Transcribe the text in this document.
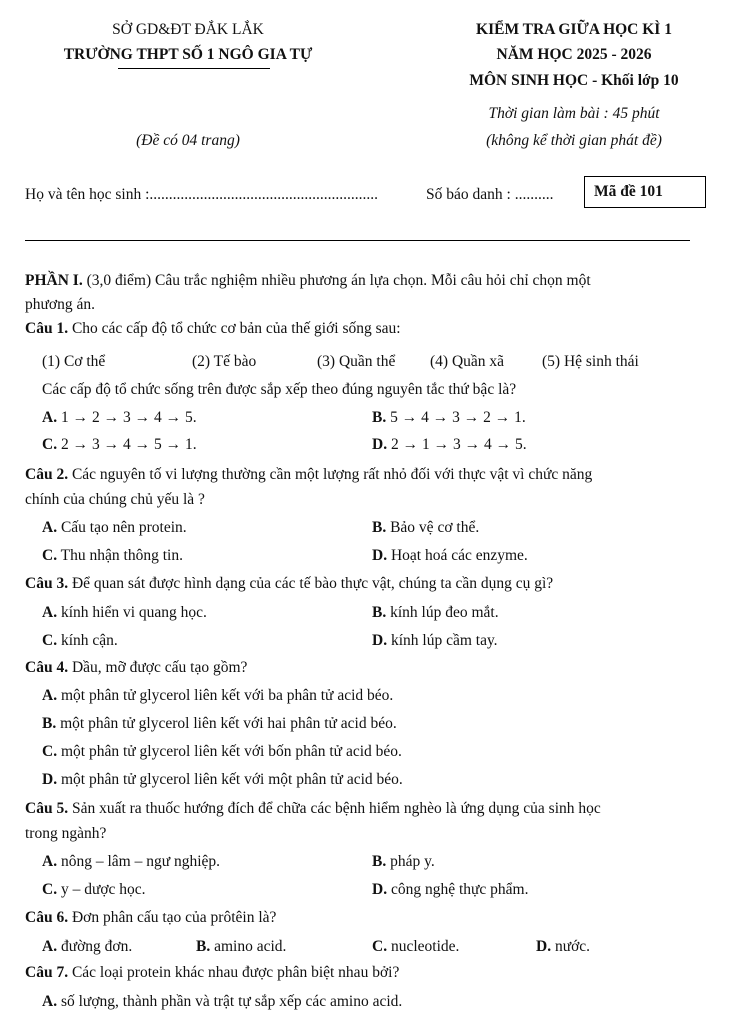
SỞ GD&ĐT ĐẮK LẮK
TRƯỜNG THPT SỐ 1 NGÔ GIA TỰ
(Đề có 04 trang)
KIỂM TRA GIỮA HỌC KÌ 1
NĂM HỌC 2025 - 2026
MÔN SINH HỌC - Khối lớp 10
Thời gian làm bài : 45 phút
(không kể thời gian phát đề)
Họ và tên học sinh :...........................................................	Số báo danh : ..........	Mã đề 101
PHẦN I. (3,0 điểm) Câu trắc nghiệm nhiều phương án lựa chọn. Mỗi câu hỏi chỉ chọn một
phương án.
Câu 1. Cho các cấp độ tổ chức cơ bản của thế giới sống sau:
(1) Cơ thể	(2) Tế bào	(3) Quần thể (4) Quần xã (5) Hệ sinh thái
Các cấp độ tổ chức sống trên được sắp xếp theo đúng nguyên tắc thứ bậc là?
A. 1 → 2 → 3 → 4 → 5.	B. 5 → 4 → 3 → 2 → 1.
C. 2 → 3 → 4 → 5 → 1.	D. 2 → 1 → 3 → 4 → 5.
Câu 2. Các nguyên tố vi lượng thường cần một lượng rất nhỏ đối với thực vật vì chức năng
chính của chúng chủ yếu là ?
A. Cấu tạo nên protein.	B. Bảo vệ cơ thể.
C. Thu nhận thông tin.	D. Hoạt hoá các enzyme.
Câu 3. Để quan sát được hình dạng của các tế bào thực vật, chúng ta cần dụng cụ gì?
A. kính hiển vi quang học.	B. kính lúp đeo mắt.
C. kính cận.	D. kính lúp cầm tay.
Câu 4. Dầu, mỡ được cấu tạo gồm?
A. một phân tử glycerol liên kết với ba phân tử acid béo.
B. một phân tử glycerol liên kết với hai phân tử acid béo.
C. một phân tử glycerol liên kết với bốn phân tử acid béo.
D. một phân tử glycerol liên kết với một phân tử acid béo.
Câu 5. Sản xuất ra thuốc hướng đích để chữa các bệnh hiểm nghèo là ứng dụng của sinh học
trong ngành?
A. nông – lâm – ngư nghiệp.	B. pháp y.
C. y – dược học.	D. công nghệ thực phẩm.
Câu 6. Đơn phân cấu tạo của prôtêin là?
A. đường đơn.	B. amino acid.	C. nucleotide.	D. nước.
Câu 7. Các loại protein khác nhau được phân biệt nhau bởi?
A. số lượng, thành phần và trật tự sắp xếp các amino acid.
